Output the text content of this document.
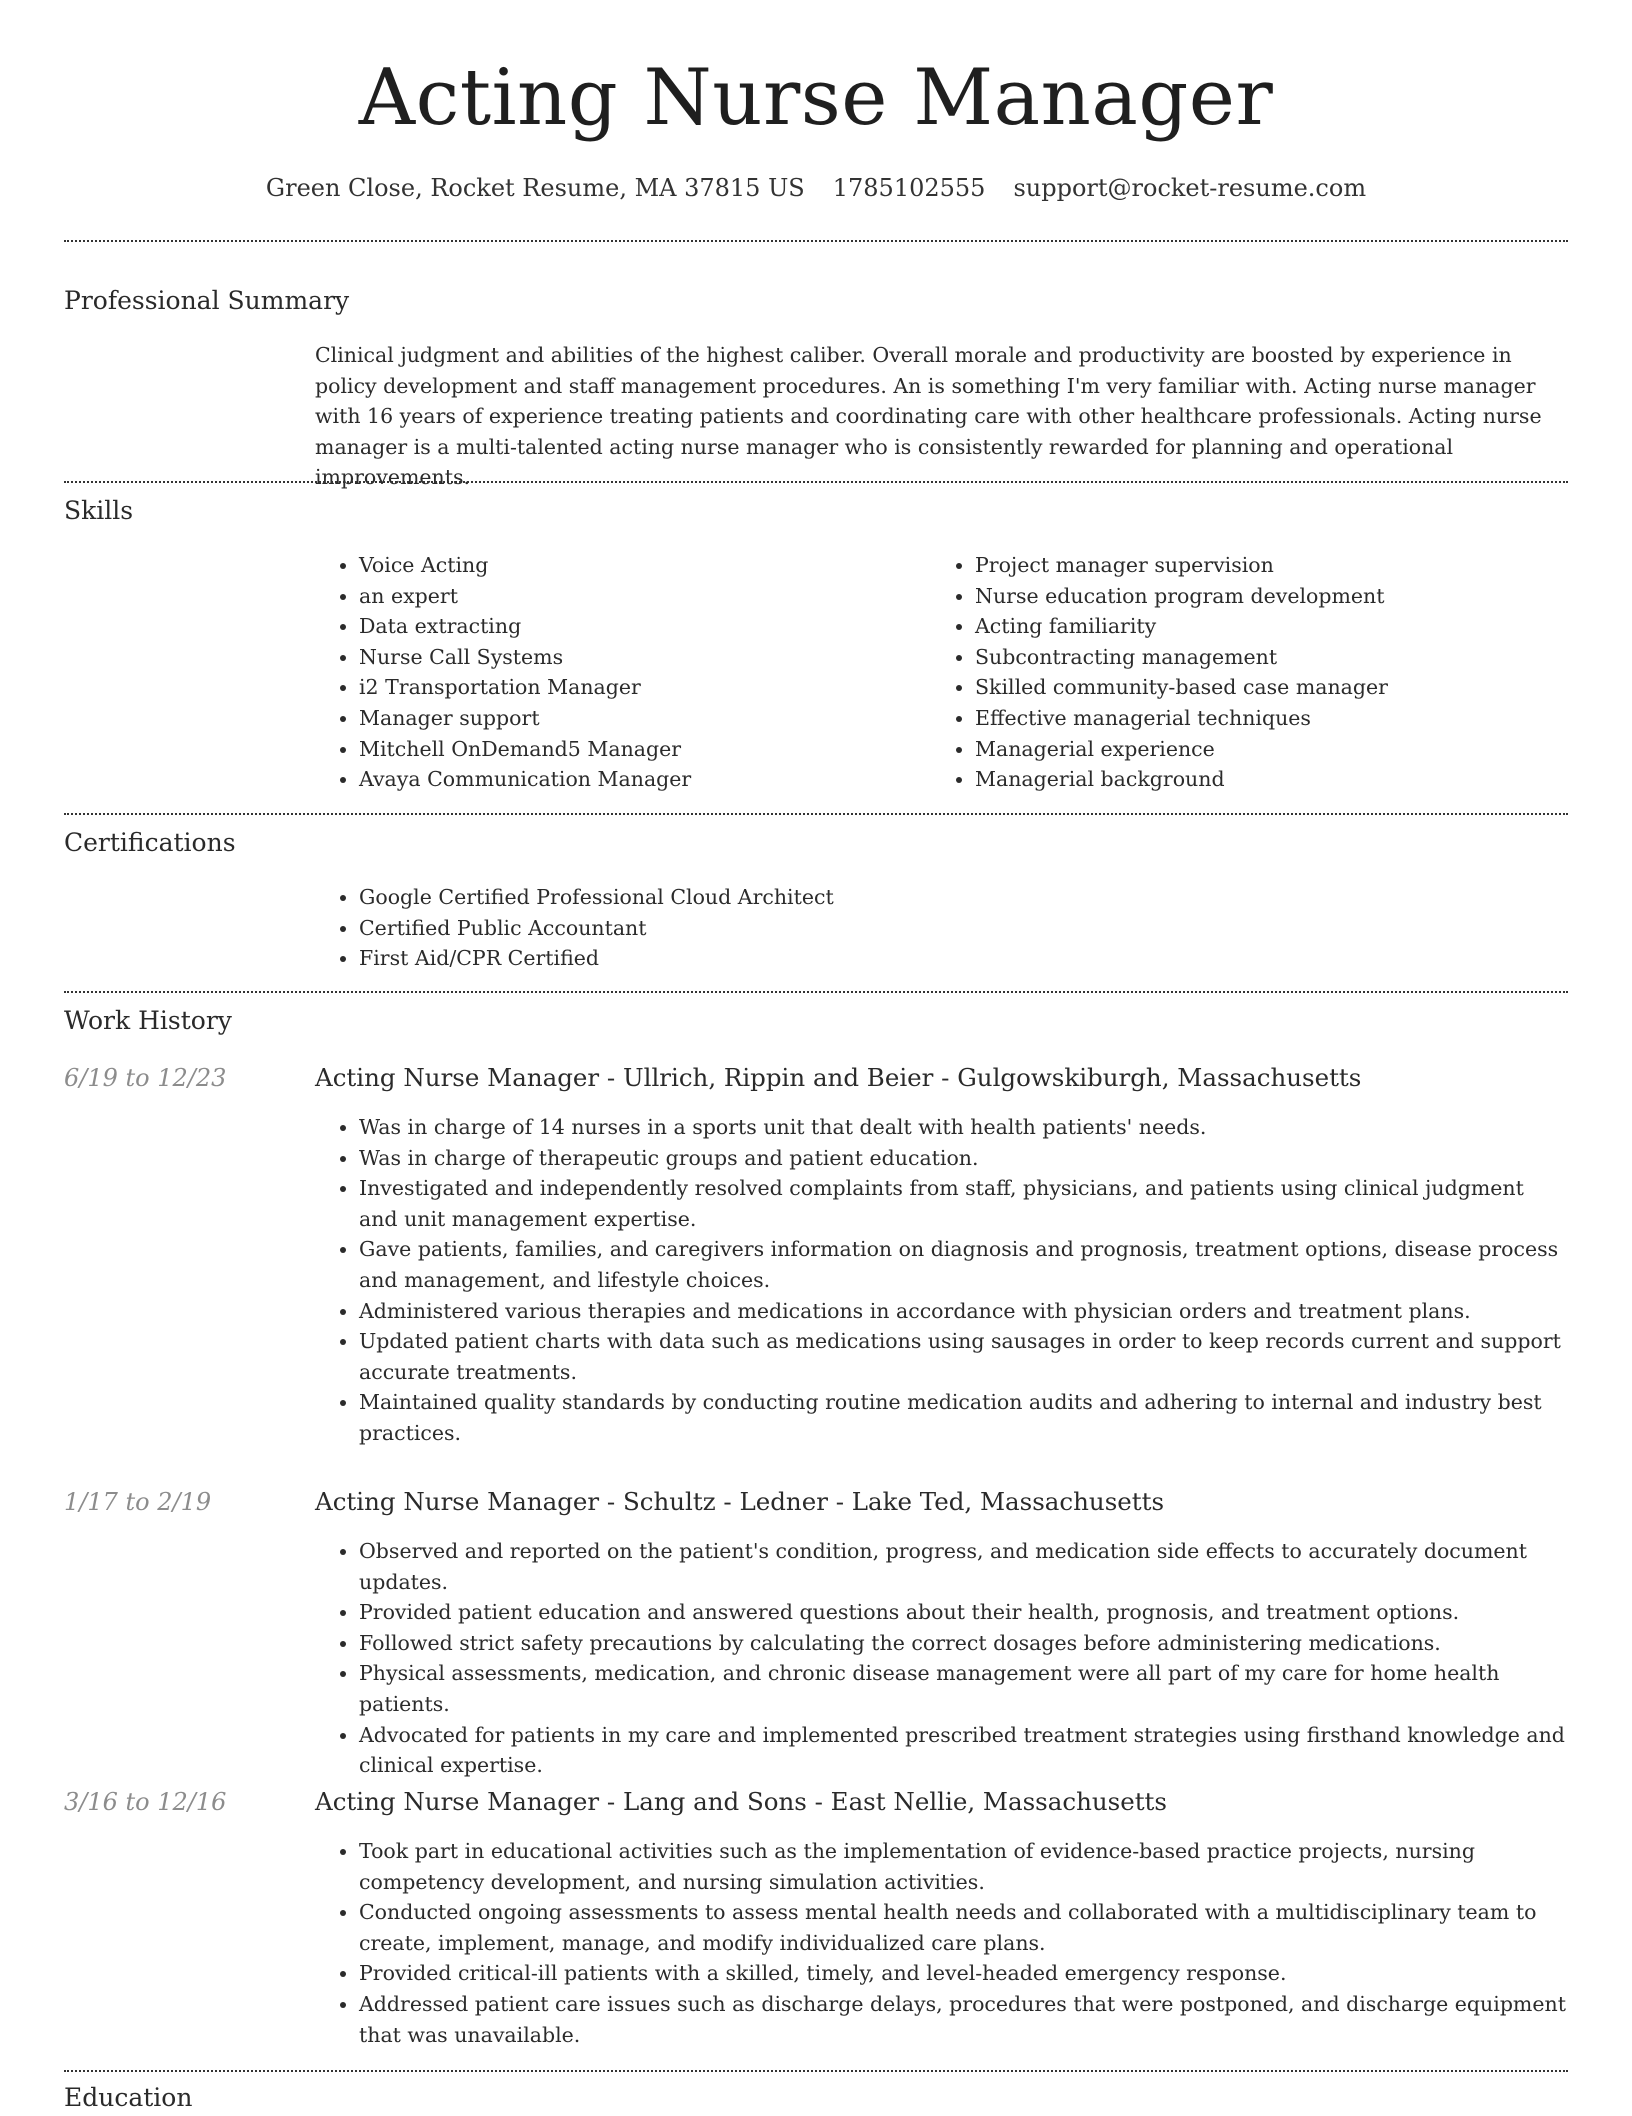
Acting Nurse Manager
Green Close, Rocket Resume, MA 37815 US 1785102555 support@rocket-resume.com
Professional Summary

Clinical judgment and abilities of the highest caliber. Overall morale and productivity are boosted by experience in policy development and staff management procedures. An is something I'm very familiar with. Acting nurse manager with 16 years of experience treating patients and coordinating care with other healthcare professionals. Acting nurse manager is a multi-talented acting nurse manager who is consistently rewarded for planning and operational improvements.

Skills
• Voice Acting
• an expert
• Data extracting
• Nurse Call Systems
• i2 Transportation Manager
• Manager support
• Mitchell OnDemand5 Manager
• Avaya Communication Manager
• Project manager supervision
• Nurse education program development
• Acting familiarity
• Subcontracting management
• Skilled community-based case manager
• Effective managerial techniques
• Managerial experience
• Managerial background
Certifications
• Google Certified Professional Cloud Architect
• Certified Public Accountant
• First Aid/CPR Certified
Work History
6/19 to 12/23	Acting Nurse Manager - Ullrich, Rippin and Beier - Gulgowskiburgh, Massachusetts
• Was in charge of 14 nurses in a sports unit that dealt with health patients' needs.
• Was in charge of therapeutic groups and patient education.
• Investigated and independently resolved complaints from staff, physicians, and patients using clinical judgment and unit management expertise.
• Gave patients, families, and caregivers information on diagnosis and prognosis, treatment options, disease process and management, and lifestyle choices.
• Administered various therapies and medications in accordance with physician orders and treatment plans.
• Updated patient charts with data such as medications using sausages in order to keep records current and support accurate treatments.
• Maintained quality standards by conducting routine medication audits and adhering to internal and industry best practices.
1/17 to 2/19	Acting Nurse Manager - Schultz - Ledner - Lake Ted, Massachusetts
• Observed and reported on the patient's condition, progress, and medication side effects to accurately document updates.
• Provided patient education and answered questions about their health, prognosis, and treatment options.
• Followed strict safety precautions by calculating the correct dosages before administering medications.
• Physical assessments, medication, and chronic disease management were all part of my care for home health patients.
• Advocated for patients in my care and implemented prescribed treatment strategies using firsthand knowledge and clinical expertise.
3/16 to 12/16	Acting Nurse Manager - Lang and Sons - East Nellie, Massachusetts
• Took part in educational activities such as the implementation of evidence-based practice projects, nursing competency development, and nursing simulation activities.
• Conducted ongoing assessments to assess mental health needs and collaborated with a multidisciplinary team to create, implement, manage, and modify individualized care plans.
• Provided critical-ill patients with a skilled, timely, and level-headed emergency response.
• Addressed patient care issues such as discharge delays, procedures that were postponed, and discharge equipment that was unavailable.
Education
